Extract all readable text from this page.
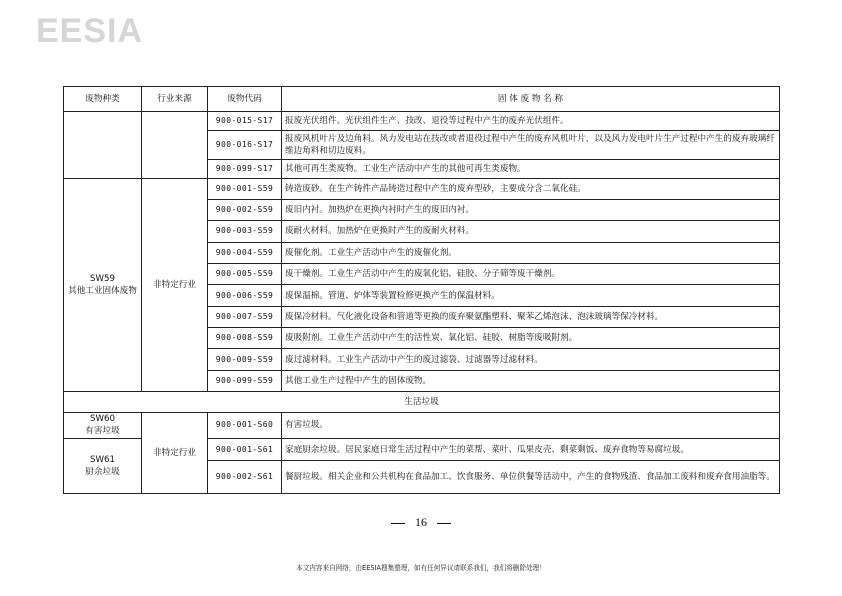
EESIA
废物种类	行业来源	废物代码	固 体 废 物 名 称
		900-015-S17	报废光伏组件。光伏组件生产、技改、退役等过程中产生的废弃光伏组件。
		900-016-S17	报废风机叶片及边角料。风力发电站在技改或者退役过程中产生的废弃风机叶片，以及风力发电叶片生产过程中产生的废弃玻璃纤维边角料和切边废料。
		900-099-S17	其他可再生类废物。工业生产活动中产生的其他可再生类废物。

SW59
其他工业固体废物	非特定行业	900-001-S59	铸造废砂。在生产铸件产品铸造过程中产生的废弃型砂，主要成分含二氧化硅。
		900-002-S59	废旧内衬。加热炉在更换内衬时产生的废旧内衬。
		900-003-S59	废耐火材料。加热炉在更换时产生的废耐火材料。
		900-004-S59	废催化剂。工业生产活动中产生的废催化剂。
		900-005-S59	废干燥剂。工业生产活动中产生的废氧化铝、硅胶、分子筛等废干燥剂。
		900-006-S59	废保温棉。管道、炉体等装置检修更换产生的保温材料。
		900-007-S59	废保冷材料。气化液化设备和管道等更换的废弃聚氨酯塑料、聚苯乙烯泡沫、泡沫玻璃等保冷材料。
		900-008-S59	废吸附剂。工业生产活动中产生的活性炭、氧化铝、硅胶、树脂等废吸附剂。
		900-009-S59	废过滤材料。工业生产活动中产生的废过滤袋、过滤器等过滤材料。
		900-099-S59	其他工业生产过程中产生的固体废物。
生活垃圾			

SW60
有害垃圾	非特定行业	900-001-S60	有害垃圾。

SW61
厨余垃圾		900-001-S61	家庭厨余垃圾。居民家庭日常生活过程中产生的菜帮、菜叶、瓜果皮壳、剩菜剩饭、废弃食物等易腐垃圾。
		900-002-S61	餐厨垃圾。相关企业和公共机构在食品加工、饮食服务、单位供餐等活动中，产生的食物残渣、食品加工废料和废弃食用油脂等。
16
本文内容来自网络，由EESIA搜集整理，如有任何异议请联系我们，我们将删除处理！
